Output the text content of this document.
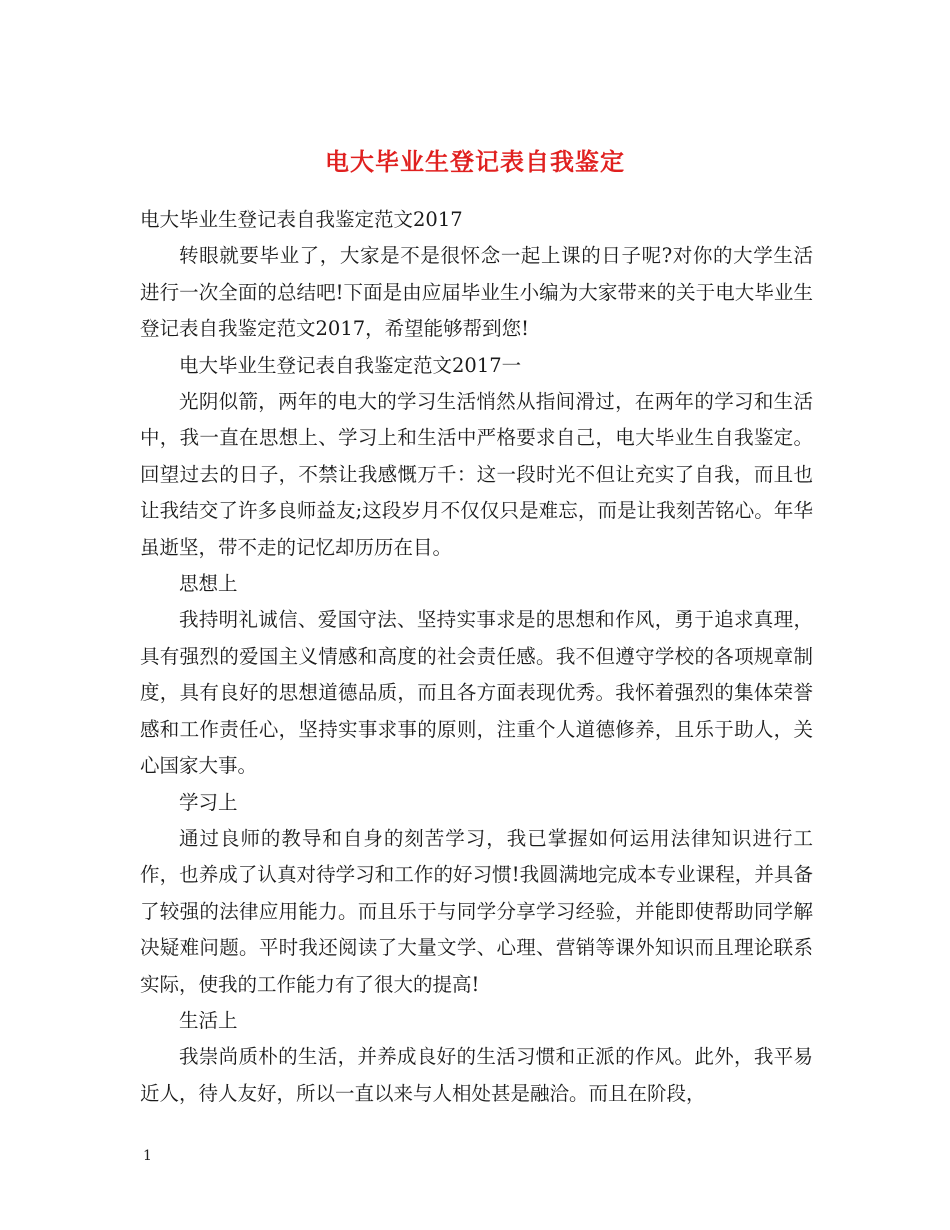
电大毕业生登记表自我鉴定

电大毕业生登记表自我鉴定范文2017

转眼就要毕业了，大家是不是很怀念一起上课的日子呢?对你的大学生活进行一次全面的总结吧!下面是由应届毕业生小编为大家带来的关于电大毕业生登记表自我鉴定范文2017，希望能够帮到您!

电大毕业生登记表自我鉴定范文2017一

光阴似箭，两年的电大的学习生活悄然从指间滑过，在两年的学习和生活中，我一直在思想上、学习上和生活中严格要求自己，电大毕业生自我鉴定。回望过去的日子，不禁让我感慨万千：这一段时光不但让充实了自我，而且也让我结交了许多良师益友;这段岁月不仅仅只是难忘，而是让我刻苦铭心。年华虽逝坚，带不走的记忆却历历在目。

思想上

我持明礼诚信、爱国守法、坚持实事求是的思想和作风，勇于追求真理，具有强烈的爱国主义情感和高度的社会责任感。我不但遵守学校的各项规章制度，具有良好的思想道德品质，而且各方面表现优秀。我怀着强烈的集体荣誉感和工作责任心，坚持实事求事的原则，注重个人道德修养，且乐于助人，关心国家大事。

学习上

通过良师的教导和自身的刻苦学习，我已掌握如何运用法律知识进行工作，也养成了认真对待学习和工作的好习惯!我圆满地完成本专业课程，并具备了较强的法律应用能力。而且乐于与同学分享学习经验，并能即使帮助同学解决疑难问题。平时我还阅读了大量文学、心理、营销等课外知识而且理论联系实际，使我的工作能力有了很大的提高!

生活上

我崇尚质朴的生活，并养成良好的生活习惯和正派的作风。此外，我平易近人，待人友好，所以一直以来与人相处甚是融洽。而且在阶段，

1
